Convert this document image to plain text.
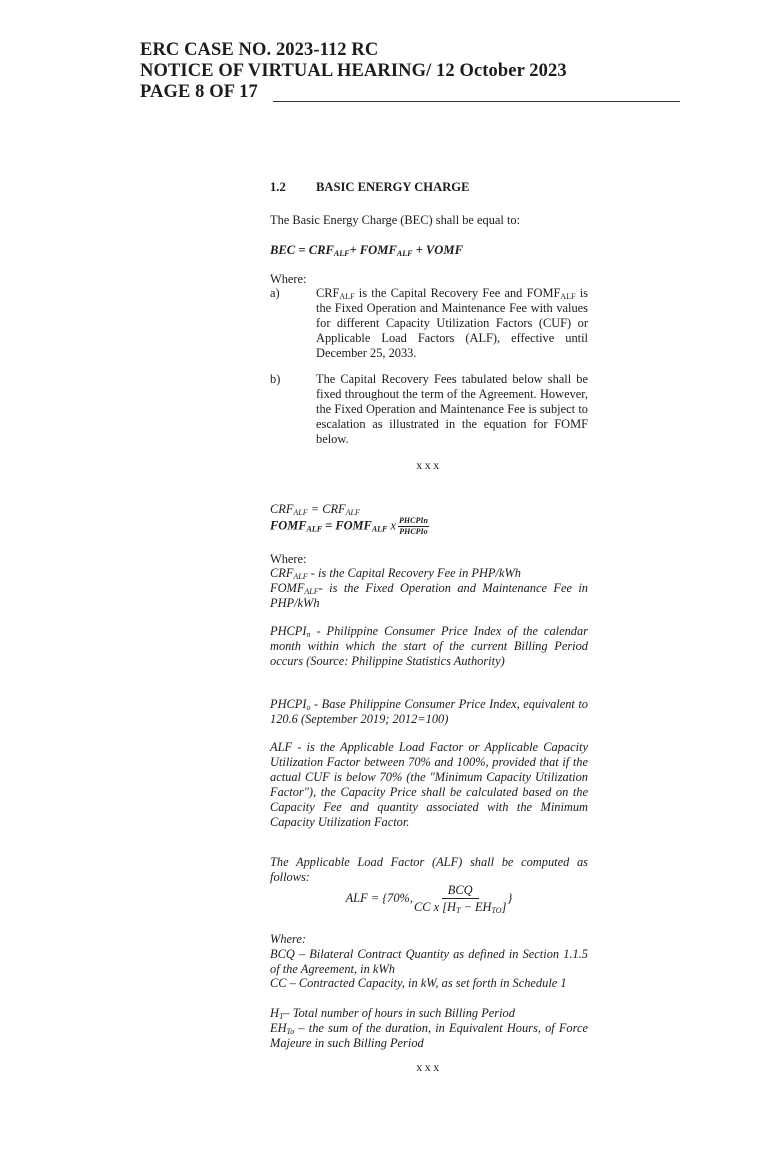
ERC CASE NO. 2023-112 RC
NOTICE OF VIRTUAL HEARING/ 12 October 2023
PAGE 8 OF 17
1.2 BASIC ENERGY CHARGE

The Basic Energy Charge (BEC) shall be equal to:

BEC = $CRF_{ALF}+$ $FOMF_{ALF}$ + VOMF

Where:

a)	$CRF_{ALF}$ is the Capital Recovery Fee and $FOMF_{ALF}$ is the Fixed Operation and Maintenance Fee with values for different Capacity Utilization Factors (CUF) or Applicable Load Factors (ALF), effective until December 25, 2033.
b)	The Capital Recovery Fees tabulated below shall be fixed throughout the term of the Agreement. However, the Fixed Operation and Maintenance Fee is subject to escalation as illustrated in the equation for FOMF below.
xxx
$CRF_{ALF} = CRF_{ALF}$
$FOMF_{ALF}$ = $FOMF_{ALF}$ x $\frac{\text{PHCPIn}}{\text{PHCPIo}}$

Where:

$CRF_{ALF}$ - is the Capital Recovery Fee in PHP/kWh
$FOMF_{ALF}-$ is the Fixed Operation and Maintenance Fee in PHP/kWh
$PHCPI_n$ - Philippine Consumer Price Index of the calendar month within which the start of the current Billing Period occurs (Source: Philippine Statistics Authority)
$PHCPI_o$ - Base Philippine Consumer Price Index, equivalent to 120.6 (September 2019; 2012=100)

ALF - is the Applicable Load Factor or Applicable Capacity Utilization Factor between 70% and 100%, provided that if the actual CUF is below 70% (the "Minimum Capacity Utilization Factor"), the Capacity Price shall be calculated based on the Capacity Fee and quantity associated with the Minimum Capacity Utilization Factor.

The Applicable Load Factor (ALF) shall be computed as follows:

ALF = {70%,
BCQ
CC x $[H_T - EH_{TO}]$
}

Where:

BCQ – Bilateral Contract Quantity as defined in Section 1.1.5 of the Agreement, in kWh

CC – Contracted Capacity, in kW, as set forth in Schedule 1

$H_T-$ Total number of hours in such Billing Period
$EH_{To}$ – the sum of the duration, in Equivalent Hours, of Force Majeure in such Billing Period
xxx
